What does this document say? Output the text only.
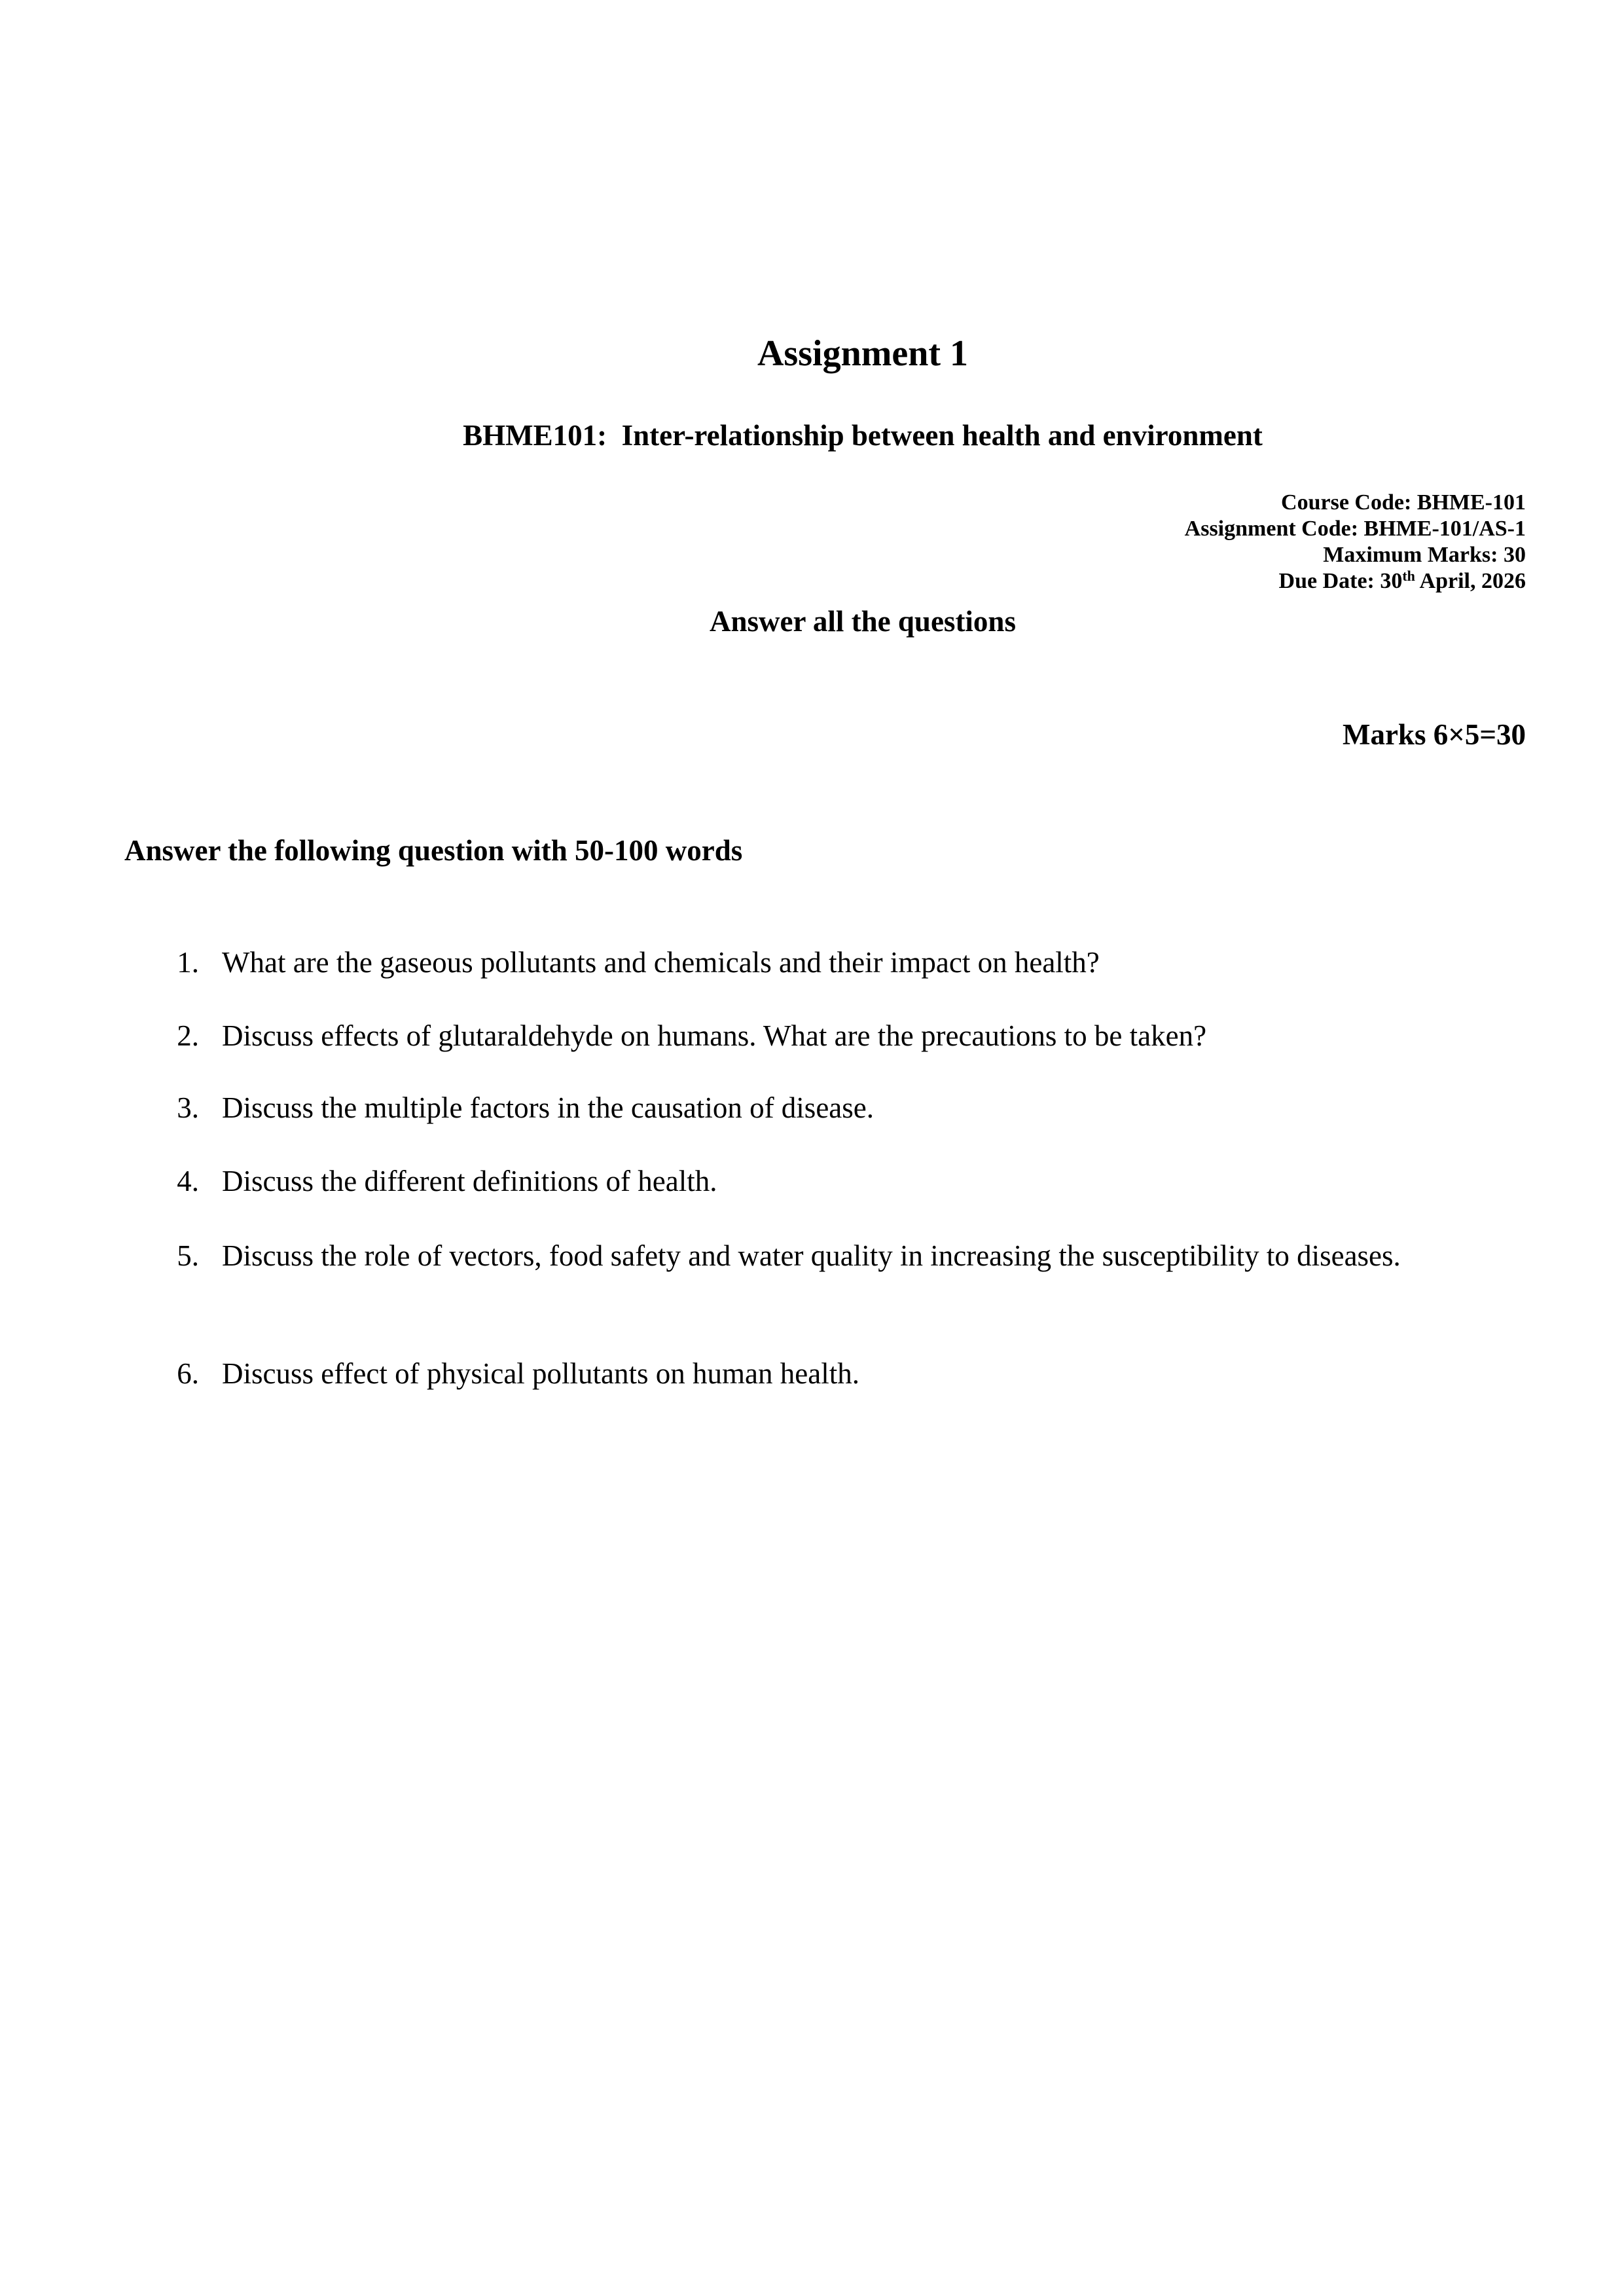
Assignment 1
BHME101:  Inter-relationship between health and environment
Course Code: BHME-101
Assignment Code: BHME-101/AS-1
Maximum Marks: 30
Due Date: 30th April, 2026
Answer all the questions
Marks 6×5=30
Answer the following question with 50-100 words
1. What are the gaseous pollutants and chemicals and their impact on health?
2. Discuss effects of glutaraldehyde on humans. What are the precautions to be taken?
3. Discuss the multiple factors in the causation of disease.
4. Discuss the different definitions of health.
5. Discuss the role of vectors, food safety and water quality in increasing the susceptibility to diseases.
6. Discuss effect of physical pollutants on human health.
